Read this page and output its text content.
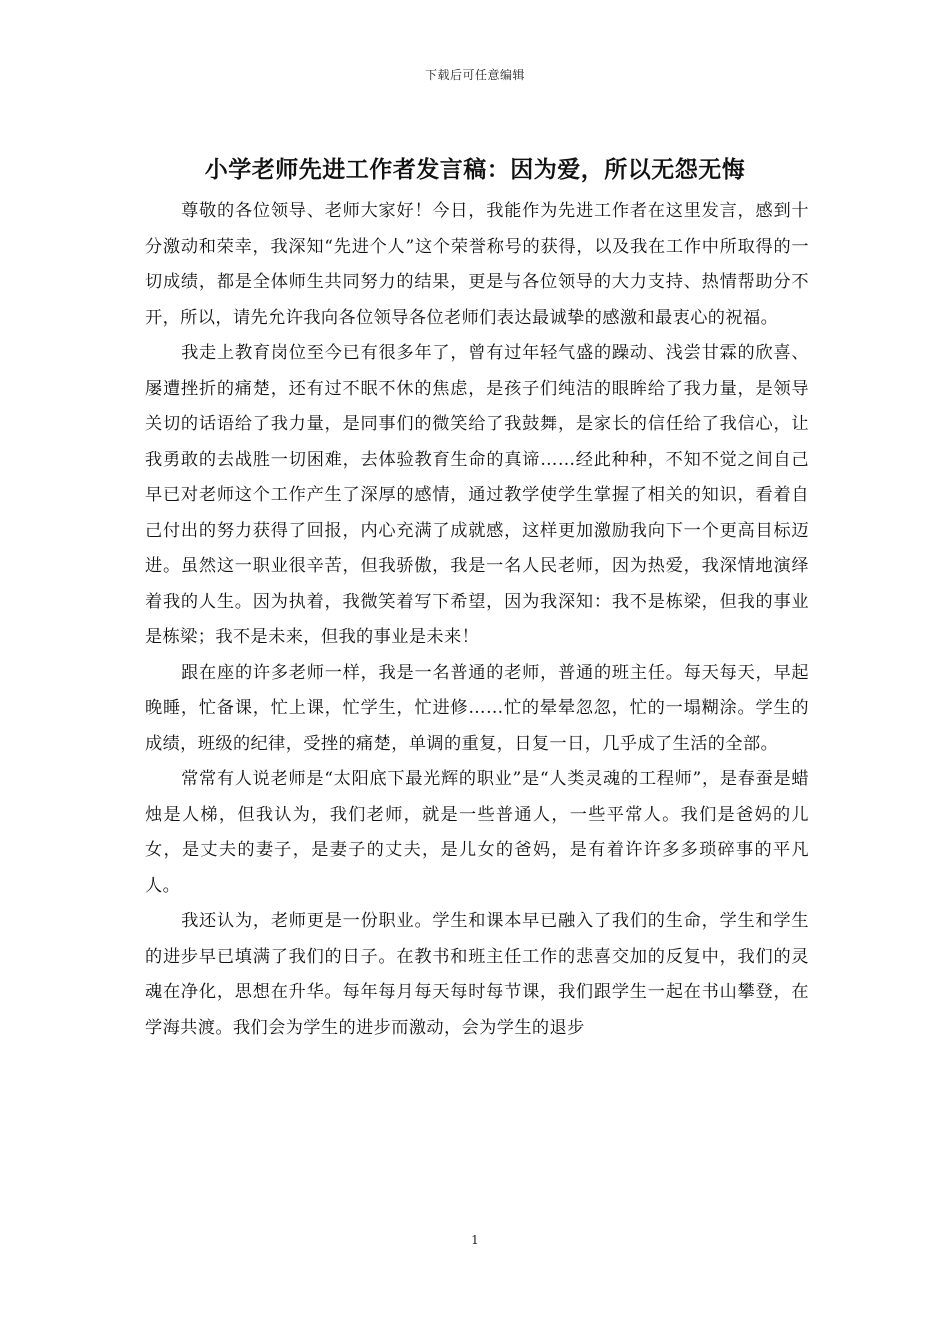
下载后可任意编辑
小学老师先进工作者发言稿：因为爱，所以无怨无悔

尊敬的各位领导、老师大家好！今日，我能作为先进工作者在这里发言，感到十分激动和荣幸，我深知“先进个人”这个荣誉称号的获得，以及我在工作中所取得的一切成绩，都是全体师生共同努力的结果，更是与各位领导的大力支持、热情帮助分不开，所以，请先允许我向各位领导各位老师们表达最诚挚的感激和最衷心的祝福。

我走上教育岗位至今已有很多年了，曾有过年轻气盛的躁动、浅尝甘霖的欣喜、屡遭挫折的痛楚，还有过不眠不休的焦虑，是孩子们纯洁的眼眸给了我力量，是领导关切的话语给了我力量，是同事们的微笑给了我鼓舞，是家长的信任给了我信心，让我勇敢的去战胜一切困难，去体验教育生命的真谛……经此种种，不知不觉之间自己早已对老师这个工作产生了深厚的感情，通过教学使学生掌握了相关的知识，看着自己付出的努力获得了回报，内心充满了成就感，这样更加激励我向下一个更高目标迈进。虽然这一职业很辛苦，但我骄傲，我是一名人民老师，因为热爱，我深情地演绎着我的人生。因为执着，我微笑着写下希望，因为我深知：我不是栋梁，但我的事业是栋梁；我不是未来，但我的事业是未来！

跟在座的许多老师一样，我是一名普通的老师，普通的班主任。每天每天，早起晚睡，忙备课，忙上课，忙学生，忙进修……忙的晕晕忽忽，忙的一塌糊涂。学生的成绩，班级的纪律，受挫的痛楚，单调的重复，日复一日，几乎成了生活的全部。

常常有人说老师是“太阳底下最光辉的职业”是“人类灵魂的工程师”，是春蚕是蜡烛是人梯，但我认为，我们老师，就是一些普通人，一些平常人。我们是爸妈的儿女，是丈夫的妻子，是妻子的丈夫，是儿女的爸妈，是有着许许多多琐碎事的平凡人。

我还认为，老师更是一份职业。学生和课本早已融入了我们的生命，学生和学生的进步早已填满了我们的日子。在教书和班主任工作的悲喜交加的反复中，我们的灵魂在净化，思想在升华。每年每月每天每时每节课，我们跟学生一起在书山攀登，在学海共渡。我们会为学生的进步而激动，会为学生的退步

1
